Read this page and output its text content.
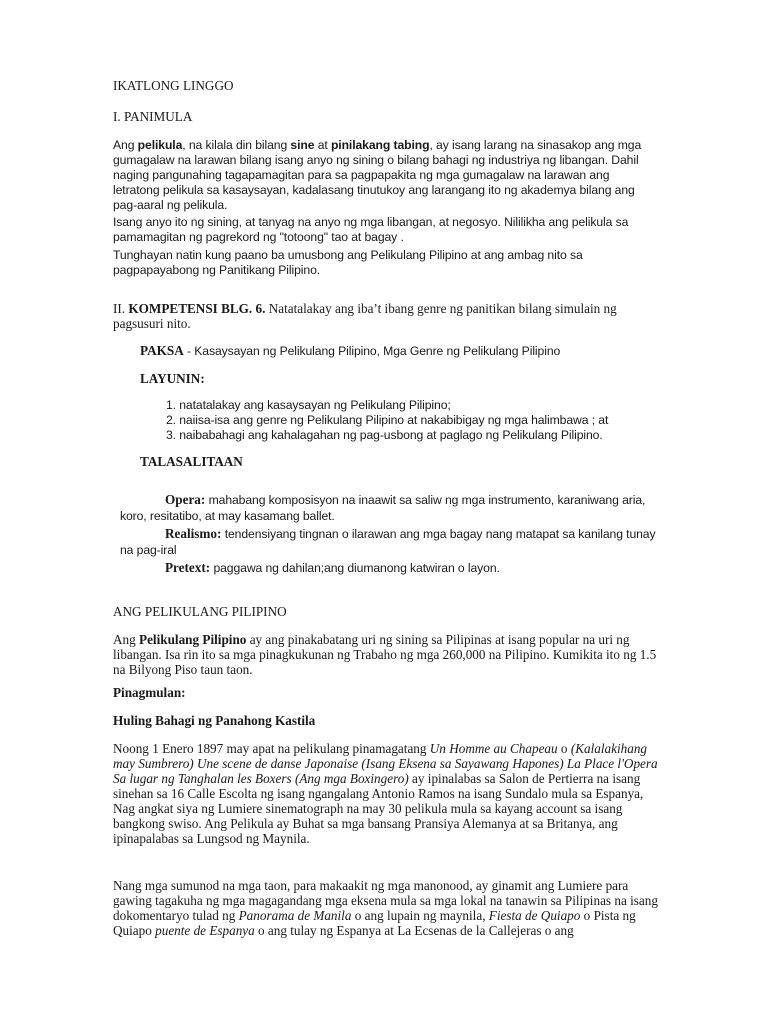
IKATLONG LINGGO

I. PANIMULA

Ang pelikula, na kilala din bilang sine at pinilakang tabing, ay isang larang na sinasakop ang mga gumagalaw na larawan bilang isang anyo ng sining o bilang bahagi ng industriya ng libangan. Dahil naging pangunahing tagapamagitan para sa pagpapakita ng mga gumagalaw na larawan ang letratong pelikula sa kasaysayan, kadalasang tinutukoy ang larangang ito ng akademya bilang ang pag-aaral ng pelikula.

Isang anyo ito ng sining, at tanyag na anyo ng mga libangan, at negosyo. Nililikha ang pelikula sa pamamagitan ng pagrekord ng "totoong" tao at bagay .

Tunghayan natin kung paano ba umusbong ang Pelikulang Pilipino at ang ambag nito sa pagpapayabong ng Panitikang Pilipino.

II. KOMPETENSI BLG. 6. Natatalakay ang iba’t ibang genre ng panitikan bilang simulain ng pagsusuri nito.

PAKSA - Kasaysayan ng Pelikulang Pilipino, Mga Genre ng Pelikulang Pilipino

LAYUNIN:

1. natatalakay ang kasaysayan ng Pelikulang Pilipino;
2. naiisa-isa ang genre ng Pelikulang Pilipino at nakabibigay ng mga halimbawa ; at
3. naibabahagi ang kahalagahan ng pag-usbong at paglago ng Pelikulang Pilipino.

TALASALITAAN

Opera: mahabang komposisyon na inaawit sa saliw ng mga instrumento, karaniwang aria, koro, resitatibo, at may kasamang ballet.

Realismo: tendensiyang tingnan o ilarawan ang mga bagay nang matapat sa kanilang tunay na pag-iral

Pretext: paggawa ng dahilan;ang diumanong katwiran o layon.

ANG PELIKULANG PILIPINO

Ang Pelikulang Pilipino ay ang pinakabatang uri ng sining sa Pilipinas at isang popular na uri ng libangan. Isa rin ito sa mga pinagkukunan ng Trabaho ng mga 260,000 na Pilipino. Kumikita ito ng 1.5 na Bilyong Piso taun taon.

Pinagmulan:

Huling Bahagi ng Panahong Kastila

Noong 1 Enero 1897 may apat na pelikulang pinamagatang Un Homme au Chapeau o (Kalalakihang may Sumbrero) Une scene de danse Japonaise (Isang Eksena sa Sayawang Hapones) La Place l'Opera Sa lugar ng Tanghalan les Boxers (Ang mga Boxingero) ay ipinalabas sa Salon de Pertierra na isang sinehan sa 16 Calle Escolta ng isang ngangalang Antonio Ramos na isang Sundalo mula sa Espanya, Nag angkat siya ng Lumiere sinematograph na may 30 pelikula mula sa kayang account sa isang bangkong swiso. Ang Pelikula ay Buhat sa mga bansang Pransiya Alemanya at sa Britanya, ang ipinapalabas sa Lungsod ng Maynila.

Nang mga sumunod na mga taon, para makaakit ng mga manonood, ay ginamit ang Lumiere para gawing tagakuha ng mga magagandang mga eksena mula sa mga lokal na tanawin sa Pilipinas na isang dokomentaryo tulad ng Panorama de Manila o ang lupain ng maynila, Fiesta de Quiapo o Pista ng Quiapo puente de Espanya o ang tulay ng Espanya at La Ecsenas de la Callejeras o ang
